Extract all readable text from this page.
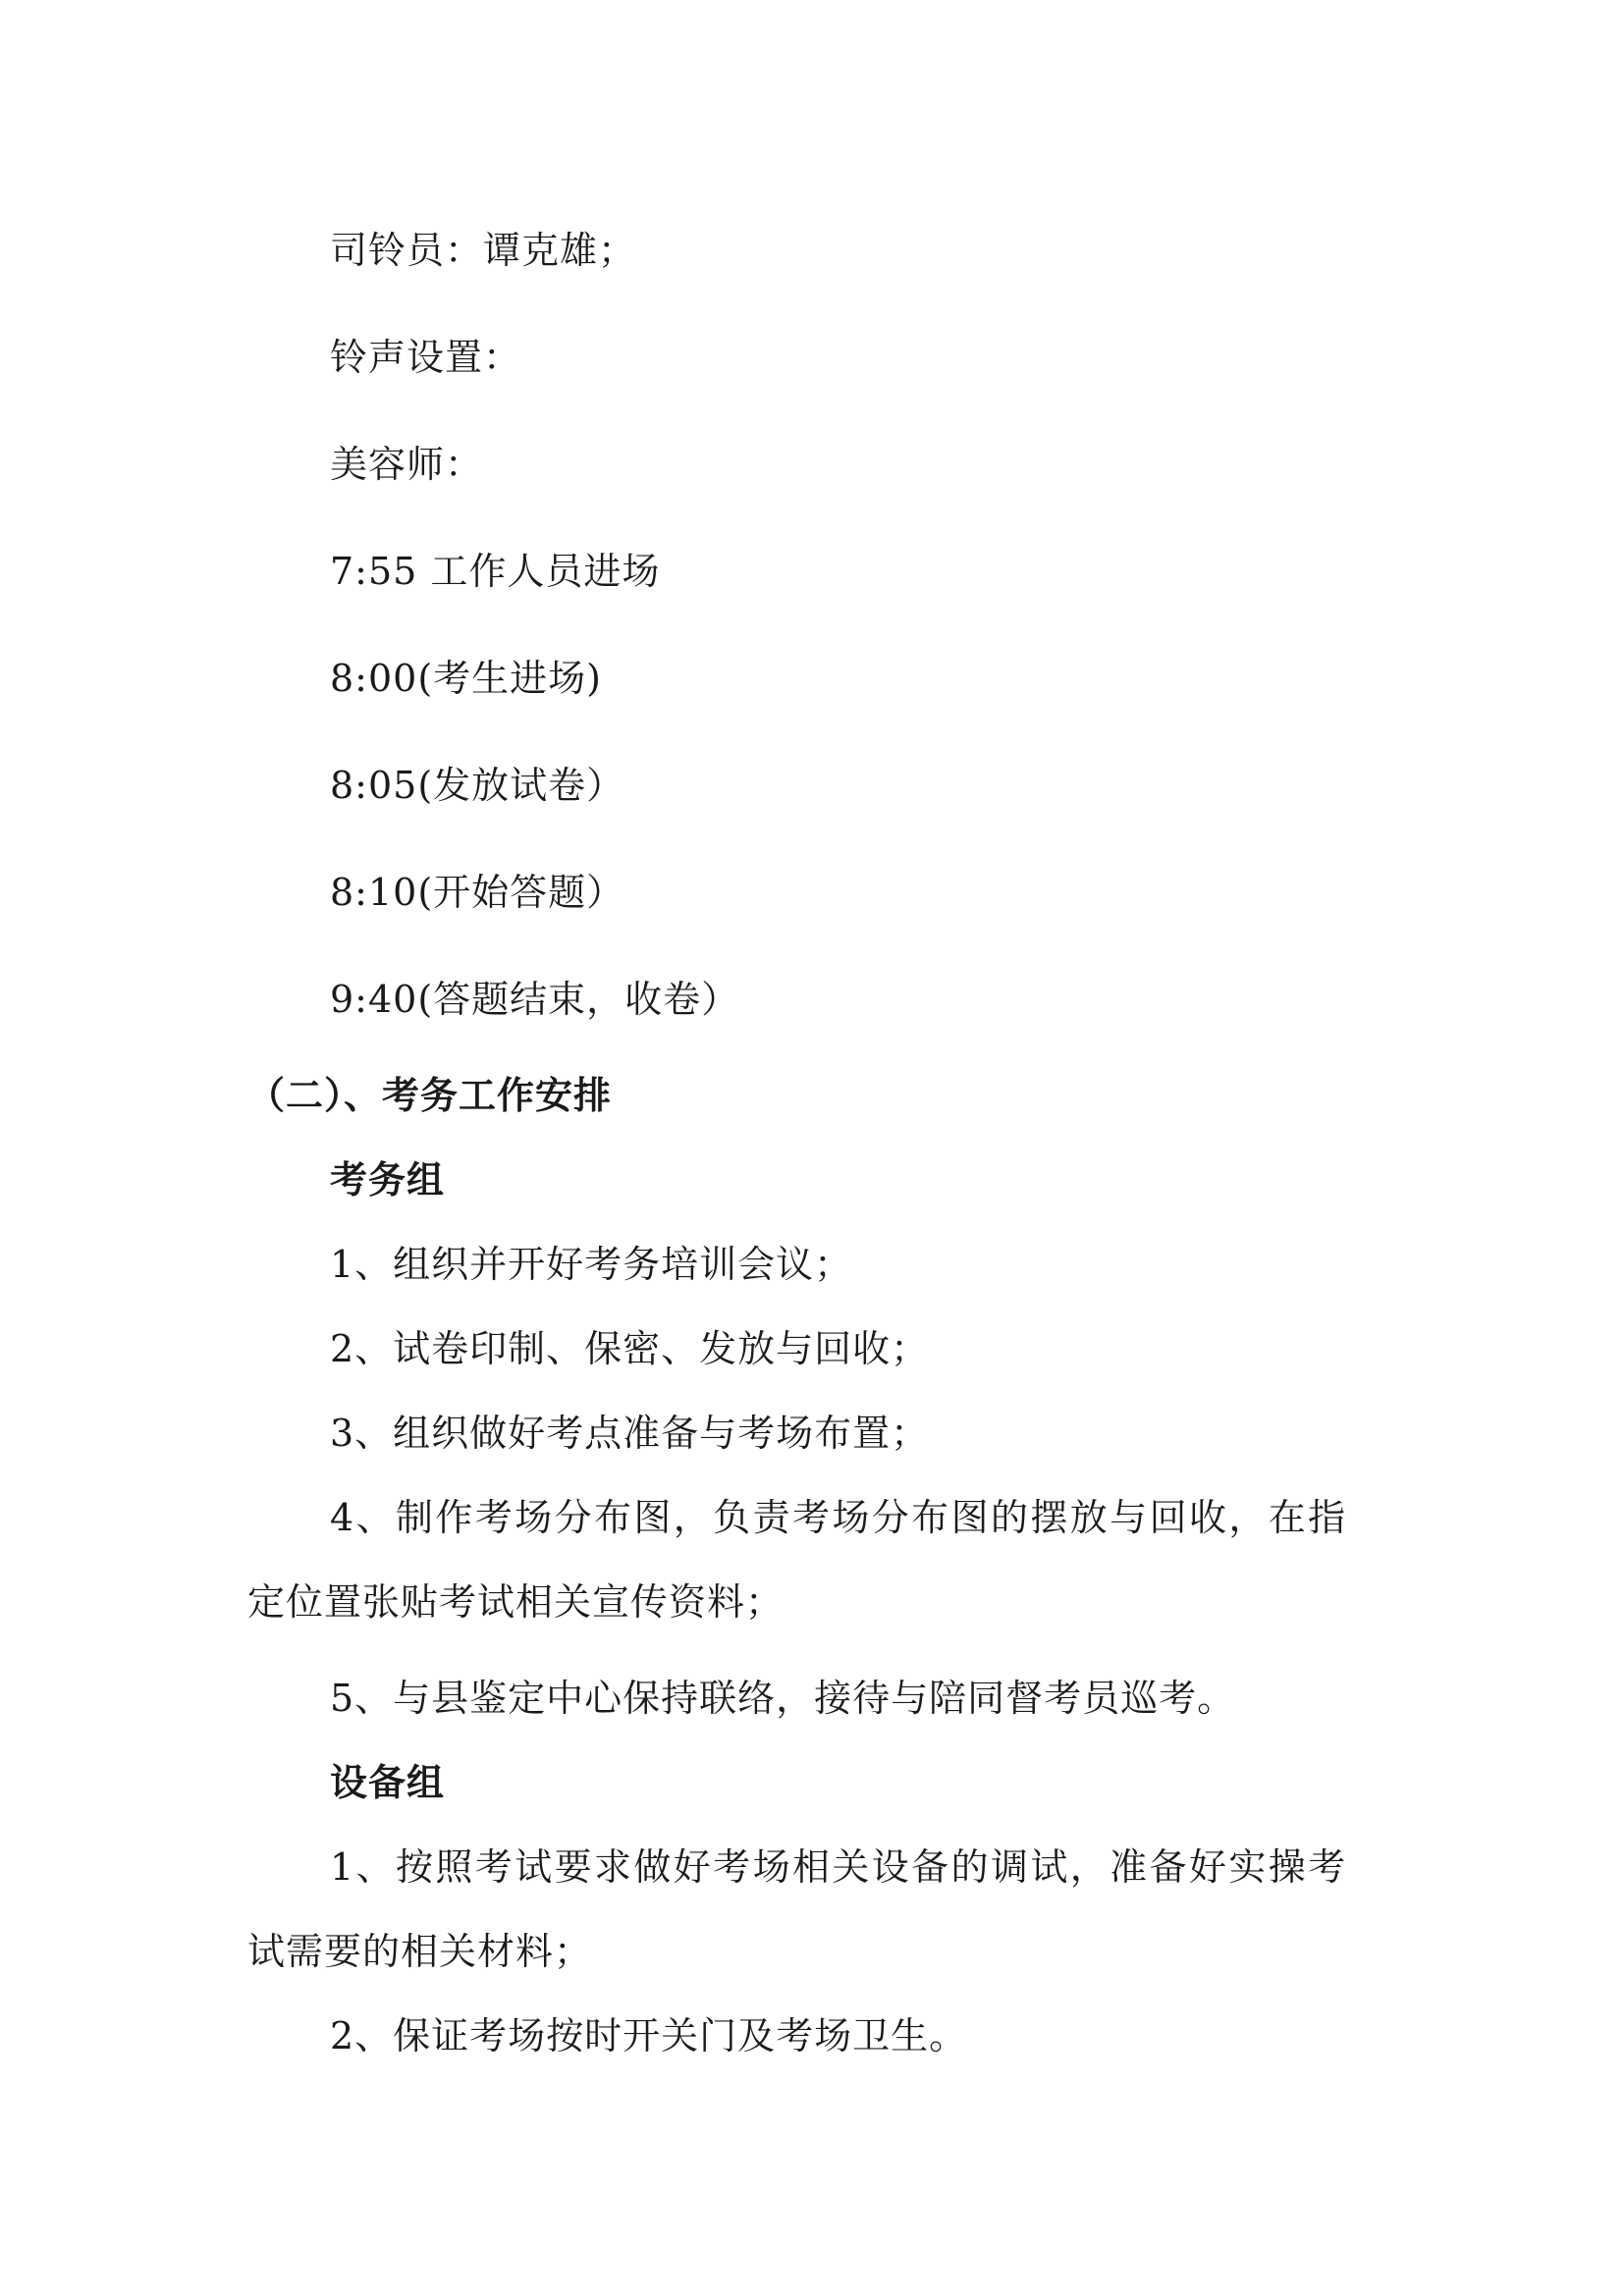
司铃员：谭克雄；
铃声设置：
美容师：
7:55 工作人员进场
8:00(考生进场)
8:05(发放试卷）
8:10(开始答题）
9:40(答题结束，收卷）
（二）、考务工作安排
考务组
1、组织并开好考务培训会议；
2、试卷印制、保密、发放与回收；
3、组织做好考点准备与考场布置；
4、制作考场分布图，负责考场分布图的摆放与回收，在指
定位置张贴考试相关宣传资料；
5、与县鉴定中心保持联络，接待与陪同督考员巡考。
设备组
1、按照考试要求做好考场相关设备的调试，准备好实操考
试需要的相关材料；
2、保证考场按时开关门及考场卫生。
